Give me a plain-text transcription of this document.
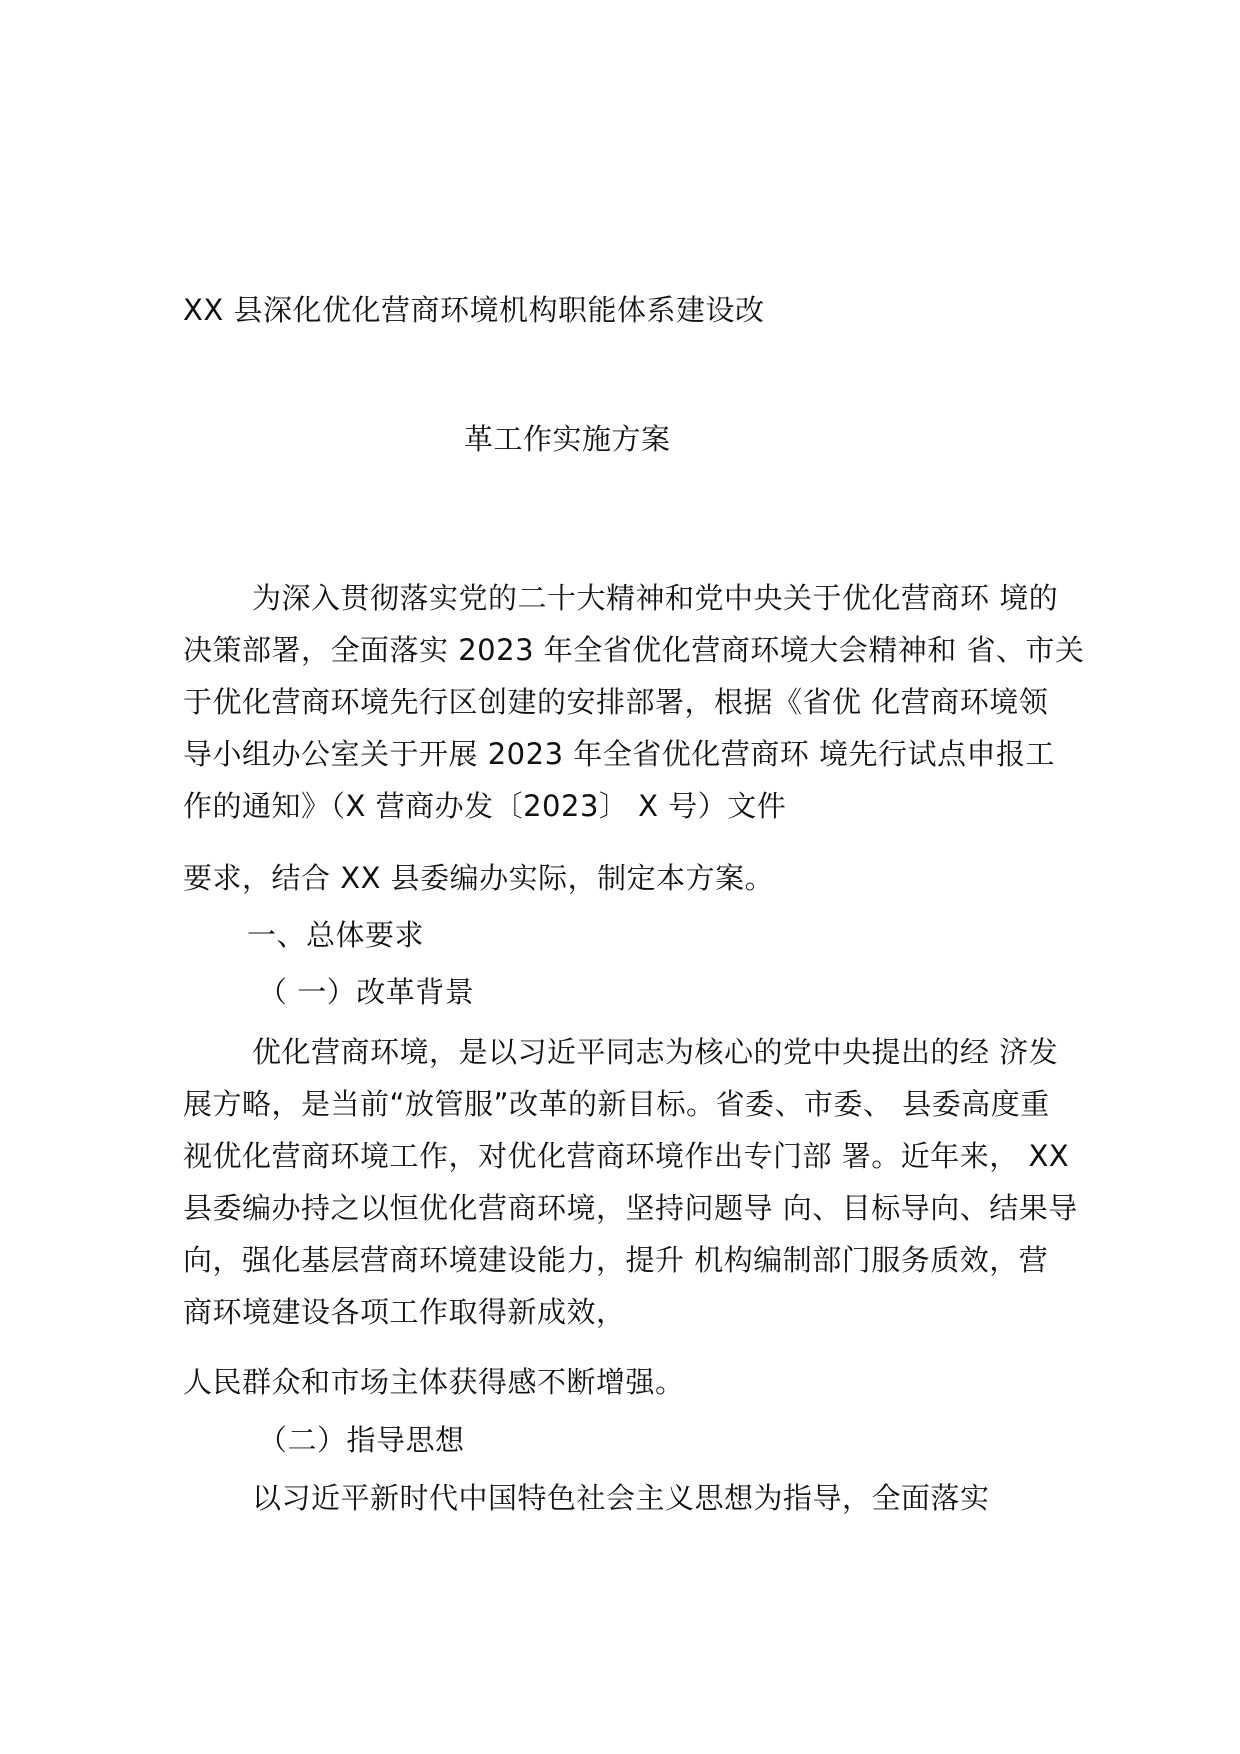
XX 县深化优化营商环境机构职能体系建设改
革工作实施方案
为深入贯彻落实党的二十大精神和党中央关于优化营商环 境的
决策部署，全面落实 2023 年全省优化营商环境大会精神和 省、市关
于优化营商环境先行区创建的安排部署，根据《省优 化营商环境领
导小组办公室关于开展 2023 年全省优化营商环 境先行试点申报工
作的通知》（X 营商办发〔2023〕 X 号）文件
要求，结合 XX 县委编办实际，制定本方案。
一、总体要求
（ 一）改革背景
优化营商环境，是以习近平同志为核心的党中央提出的经 济发
展方略，是当前“放管服”改革的新目标。省委、市委、 县委高度重
视优化营商环境工作，对优化营商环境作出专门部 署。近年来， XX
县委编办持之以恒优化营商环境，坚持问题导 向、目标导向、结果导
向，强化基层营商环境建设能力，提升 机构编制部门服务质效，营
商环境建设各项工作取得新成效，
人民群众和市场主体获得感不断增强。
（二）指导思想
以习近平新时代中国特色社会主义思想为指导，全面落实
